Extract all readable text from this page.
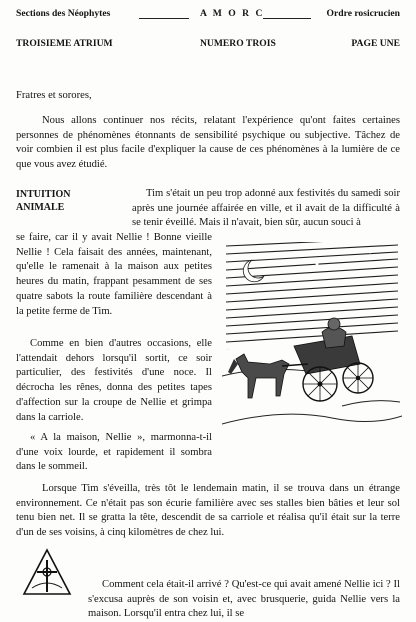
Sections des Néophytes	A M O R C	Ordre rosicrucien
TROISIEME ATRIUM	NUMERO TROIS	PAGE UNE
Fratres et sorores,

Nous allons continuer nos récits, relatant l'expérience qu'ont faites certaines personnes de phénomènes étonnants de sensibilité psychique ou subjective. Tâchez de voir combien il est plus facile d'expliquer la cause de ces phénomènes à la lumière de ce que vous avez étudié.

INTUITION ANIMALE

Tim s'était un peu trop adonné aux festivités du samedi soir après une journée affairée en ville, et il avait de la difficulté à se tenir éveillé. Mais il n'avait, bien sûr, aucun souci à

se faire, car il y avait Nellie ! Bonne vieille Nellie ! Cela faisait des années, maintenant, qu'elle le ramenait à la maison aux petites heures du matin, frappant pesamment de ses quatre sabots la route familière descendant à la petite ferme de Tim.

Comme en bien d'autres occasions, elle l'attendait dehors lorsqu'il sortit, ce soir particulier, des festivités d'une noce. Il décrocha les rênes, donna des petites tapes d'affection sur la croupe de Nellie et grimpa dans la carriole.

« A la maison, Nellie », marmonna-t-il d'une voix lourde, et rapidement il sombra dans le sommeil.

Lorsque Tim s'éveilla, très tôt le lendemain matin, il se trouva dans un étrange environnement. Ce n'était pas son écurie familière avec ses stalles bien bâties et leur sol tenu bien net. Il se gratta la tête, descendit de sa carriole et réalisa qu'il était sur la terre d'un de ses voisins, à cinq kilomètres de chez lui.

Comment cela était-il arrivé ? Qu'est-ce qui avait amené Nellie ici ? Il s'excusa auprès de son voisin et, avec brusquerie, guida Nellie vers la maison. Lorsqu'il entra chez lui, il se
